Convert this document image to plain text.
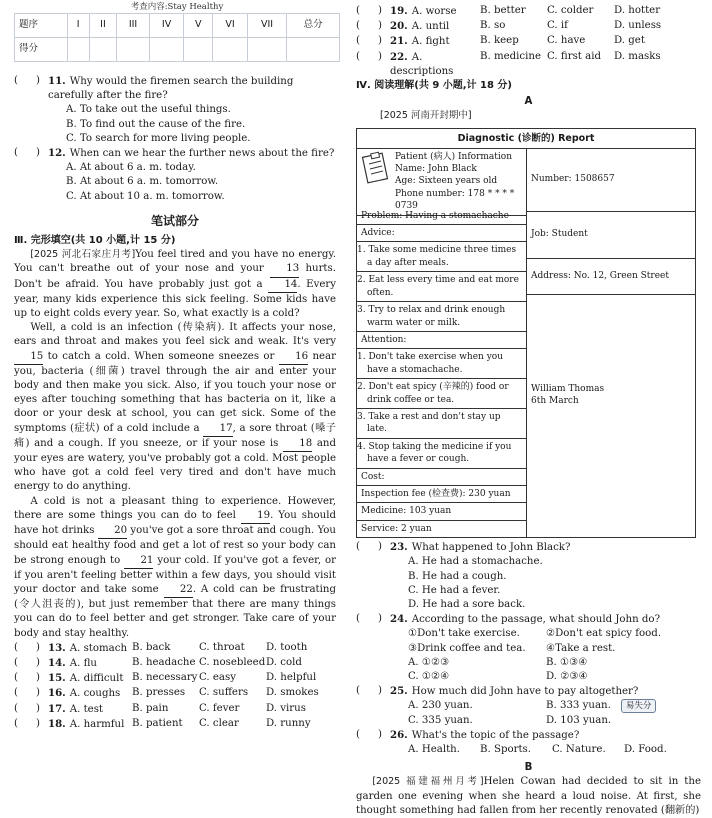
考查内容:Stay Healthy
题序	I	II	III	IV	V	VI	VII	总分
得分								
(	) 11. Why would the firemen search the building carefully after the fire?
A. To take out the useful things.
B. To find out the cause of the fire.
C. To search for more living people.
(	) 12. When can we hear the further news about the fire?
A. At about 6 a. m. today.
B. At about 6 a. m. tomorrow.
C. At about 10 a. m. tomorrow.
笔试部分
Ⅲ. 完形填空(共 10 小题,计 15 分)
[2025 河北石家庄月考]You feel tired and you have no energy. You can't breathe out of your nose and your 13 hurts. Don't be afraid. You have probably just got a 14. Every year, many kids experience this sick feeling. Some kids have up to eight colds every year. So, what exactly is a cold?
Well, a cold is an infection (传染病). It affects your nose, ears and throat and makes you feel sick and weak. It's very 15 to catch a cold. When someone sneezes or 16 near you, bacteria (细菌) travel through the air and enter your body and then make you sick. Also, if you touch your nose or eyes after touching something that has bacteria on it, like a door or your desk at school, you can get sick. Some of the symptoms (症状) of a cold include a 17, a sore throat (嗓子痛) and a cough. If you sneeze, or if your nose is 18 and your eyes are watery, you've probably got a cold. Most people who have got a cold feel very tired and don't have much energy to do anything.
A cold is not a pleasant thing to experience. However, there are some things you can do to feel 19. You should have hot drinks 20 you've got a sore throat and cough. You should eat healthy food and get a lot of rest so your body can be strong enough to 21 your cold. If you've got a fever, or if you aren't feeling better within a few days, you should visit your doctor and take some 22. A cold can be frustrating (令人沮丧的), but just remember that there are many things you can do to feel better and get stronger. Take care of your body and stay healthy.
(	) 13. A. stomach B. back	C. throat	D. tooth
(	) 14. A. flu	B. headache C. nosebleed D. cold
(	) 15. A. difficult B. necessary C. easy	D. helpful
(	) 16. A. coughs	B. presses	C. suffers	D. smokes
(	) 17. A. test	B. pain	C. fever	D. virus
(	) 18. A. harmful B. patient	C. clear	D. runny
(	) 19. A. worse	B. better	C. colder	D. hotter
(	) 20. A. until	B. so	C. if	D. unless
(	) 21. A. fight	B. keep	C. have	D. get
(	) 22. A. descriptions
B. medicine C. first aid	D. masks
Ⅳ. 阅读理解(共 9 小题,计 18 分)
A
[2025 河南开封期中]
Diagnostic (诊断的) Report
Patient (病人) Information
Name: John Black
Age: Sixteen years old
Phone number: 178 * * * * 0739
Problem: Having a stomachache
Advice:
1. Take some medicine three times a day after meals.
2. Eat less every time and eat more often.
3. Try to relax and drink enough warm water or milk.
Attention:
1. Don't take exercise when you have a stomachache.
2. Don't eat spicy (辛辣的) food or drink coffee or tea.
3. Take a rest and don't stay up late.
4. Stop taking the medicine if you have a fever or cough.
Cost:
Inspection fee (检查费): 230 yuan
Medicine: 103 yuan
Service: 2 yuan
Number: 1508657
Job: Student
Address: No. 12, Green Street
William Thomas
6th March
(	) 23. What happened to John Black?
A. He had a stomachache.
B. He had a cough.
C. He had a fever.
D. He had a sore back.
(	) 24. According to the passage, what should John do?
①Don't take exercise.	②Don't eat spicy food.
③Drink coffee and tea.	④Take a rest.
A. ①②③	B. ①③④
C. ①②④	D. ②③④
(	) 25. How much did John have to pay altogether?
A. 230 yuan.	B. 333 yuan. 易失分
C. 335 yuan.	D. 103 yuan.
(	) 26. What's the topic of the passage?
A. Health.	B. Sports.	C. Nature.	D. Food.
B
[2025 福建福州月考]Helen Cowan had decided to sit in the garden one evening when she heard a loud noise. At first, she thought something had fallen from her recently renovated (翻新的)
